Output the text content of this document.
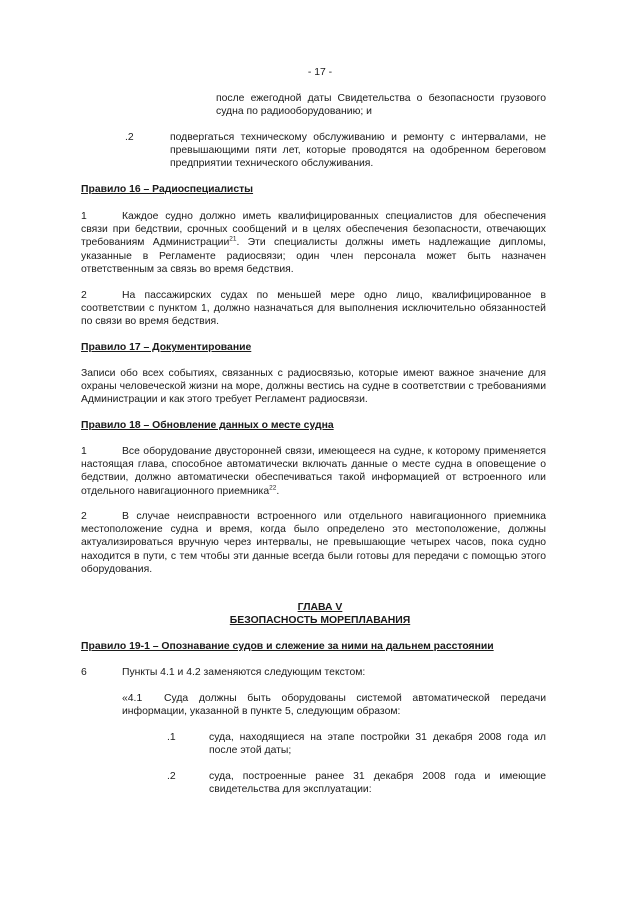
- 17 -
после ежегодной даты Свидетельства о безопасности грузового судна по радиооборудованию; и
.2	подвергаться техническому обслуживанию и ремонту с интервалами, не превышающими пяти лет, которые проводятся на одобренном береговом предприятии технического обслуживания.
Правило 16 – Радиоспециалисты
1	Каждое судно должно иметь квалифицированных специалистов для обеспечения связи при бедствии, срочных сообщений и в целях обеспечения безопасности, отвечающих требованиям Администрации$^{21}$. Эти специалисты должны иметь надлежащие дипломы, указанные в Регламенте радиосвязи; один член персонала может быть назначен ответственным за связь во время бедствия.
2	На пассажирских судах по меньшей мере одно лицо, квалифицированное в соответствии с пунктом 1, должно назначаться для выполнения исключительно обязанностей по связи во время бедствия.
Правило 17 – Документирование
Записи обо всех событиях, связанных с радиосвязью, которые имеют важное значение для охраны человеческой жизни на море, должны вестись на судне в соответствии с требованиями Администрации и как этого требует Регламент радиосвязи.
Правило 18 – Обновление данных о месте судна
1	Все оборудование двусторонней связи, имеющееся на судне, к которому применяется настоящая глава, способное автоматически включать данные о месте судна в оповещение о бедствии, должно автоматически обеспечиваться такой информацией от встроенного или отдельного навигационного приемника$^{22}$.
2	В случае неисправности встроенного или отдельного навигационного приемника местоположение судна и время, когда было определено это местоположение, должны актуализироваться вручную через интервалы, не превышающие четырех часов, пока судно находится в пути, с тем чтобы эти данные всегда были готовы для передачи с помощью этого оборудования.
ГЛАВА V
БЕЗОПАСНОСТЬ МОРЕПЛАВАНИЯ
Правило 19-1 – Опознавание судов и слежение за ними на дальнем расстоянии
6	Пункты 4.1 и 4.2 заменяются следующим текстом:
«4.1	Суда должны быть оборудованы системой автоматической передачи информации, указанной в пункте 5, следующим образом:
.1	суда, находящиеся на этапе постройки 31 декабря 2008 года ил после этой даты;
.2	суда, построенные ранее 31 декабря 2008 года и имеющие свидетельства для эксплуатации:
